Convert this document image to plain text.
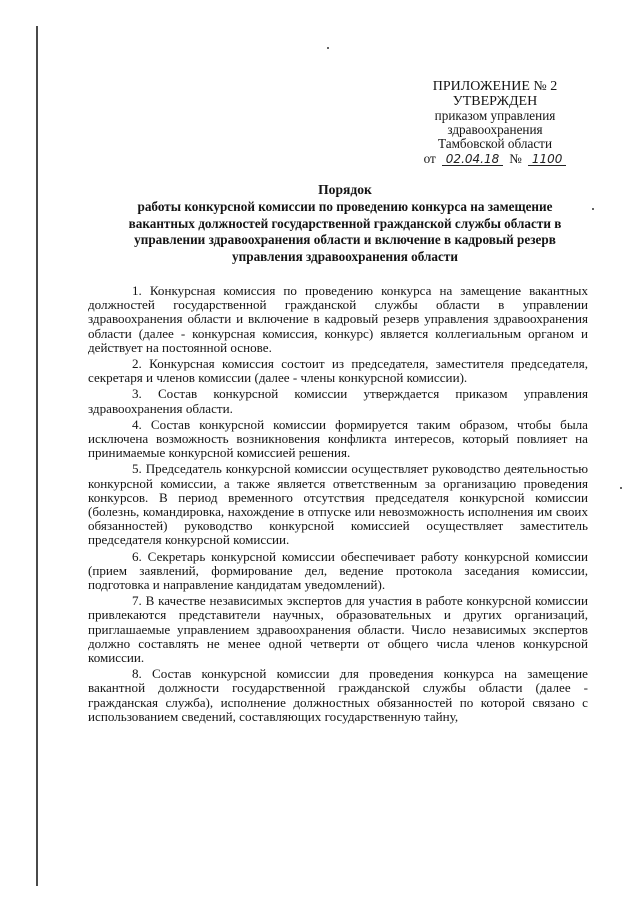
ПРИЛОЖЕНИЕ № 2
УТВЕРЖДЕН
приказом управления
здравоохранения
Тамбовской области
от 02.04.18 № 1100
Порядок
работы конкурсной комиссии по проведению конкурса на замещение
вакантных должностей государственной гражданской службы области в
управлении здравоохранения области и включение в кадровый резерв
управления здравоохранения области

1. Конкурсная комиссия по проведению конкурса на замещение вакантных должностей государственной гражданской службы области в управлении здравоохранения области и включение в кадровый резерв управления здравоохранения области (далее - конкурсная комиссия, конкурс) является коллегиальным органом и действует на постоянной основе.

2. Конкурсная комиссия состоит из председателя, заместителя председателя, секретаря и членов комиссии (далее - члены конкурсной комиссии).

3. Состав конкурсной комиссии утверждается приказом управления здравоохранения области.

4. Состав конкурсной комиссии формируется таким образом, чтобы была исключена возможность возникновения конфликта интересов, который повлияет на принимаемые конкурсной комиссией решения.

5. Председатель конкурсной комиссии осуществляет руководство деятельностью конкурсной комиссии, а также является ответственным за организацию проведения конкурсов. В период временного отсутствия председателя конкурсной комиссии (болезнь, командировка, нахождение в отпуске или невозможность исполнения им своих обязанностей) руководство конкурсной комиссией осуществляет заместитель председателя конкурсной комиссии.

6. Секретарь конкурсной комиссии обеспечивает работу конкурсной комиссии (прием заявлений, формирование дел, ведение протокола заседания комиссии, подготовка и направление кандидатам уведомлений).

7. В качестве независимых экспертов для участия в работе конкурсной комиссии привлекаются представители научных, образовательных и других организаций, приглашаемые управлением здравоохранения области. Число независимых экспертов должно составлять не менее одной четверти от общего числа членов конкурсной комиссии.

8. Состав конкурсной комиссии для проведения конкурса на замещение вакантной должности государственной гражданской службы области (далее - гражданская служба), исполнение должностных обязанностей по которой связано с использованием сведений, составляющих государственную тайну,
